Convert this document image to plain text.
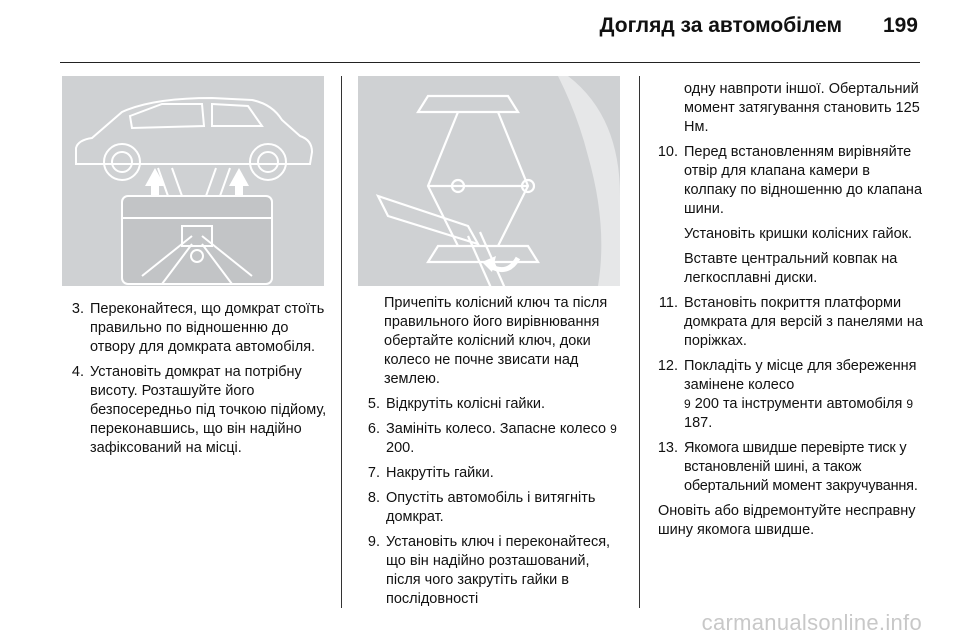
Догляд за автомобілем 199
3. Переконайтеся, що домкрат стоїть правильно по відношенню до отвору для домкрата автомобіля.
4. Установіть домкрат на потрібну висоту. Розташуйте його безпосередньо під точкою підйому, переконавшись, що він надійно зафіксований на місці.
Причепіть колісний ключ та після правильного його вирівнювання обертайте колісний ключ, доки колесо не почне звисати над землею.
5. Відкрутіть колісні гайки.
6. Замініть колесо. Запасне колесо 9 200.
7. Накрутіть гайки.
8. Опустіть автомобіль і витягніть домкрат.
9. Установіть ключ і переконайтеся, що він надійно розташований, після чого закрутіть гайки в послідовності
одну навпроти іншої. Обертальний момент затягування становить 125 Нм.
10. Перед встановленням вирівняйте отвір для клапана камери в колпаку по відношенню до клапана шини.
Установіть кришки колісних гайок.
Вставте центральний ковпак на легкосплавні диски.
11. Встановіть покриття платформи домкрата для версій з панелями на поріжках.
12. Покладіть у місце для збереження замінене колесо
9 200 та інструменти автомобіля 9 187.
13. Якомога швидше перевірте тиск у встановленій шині, а також обертальний момент закручування.
Оновіть або відремонтуйте несправну шину якомога швидше.
carmanualsonline.info
